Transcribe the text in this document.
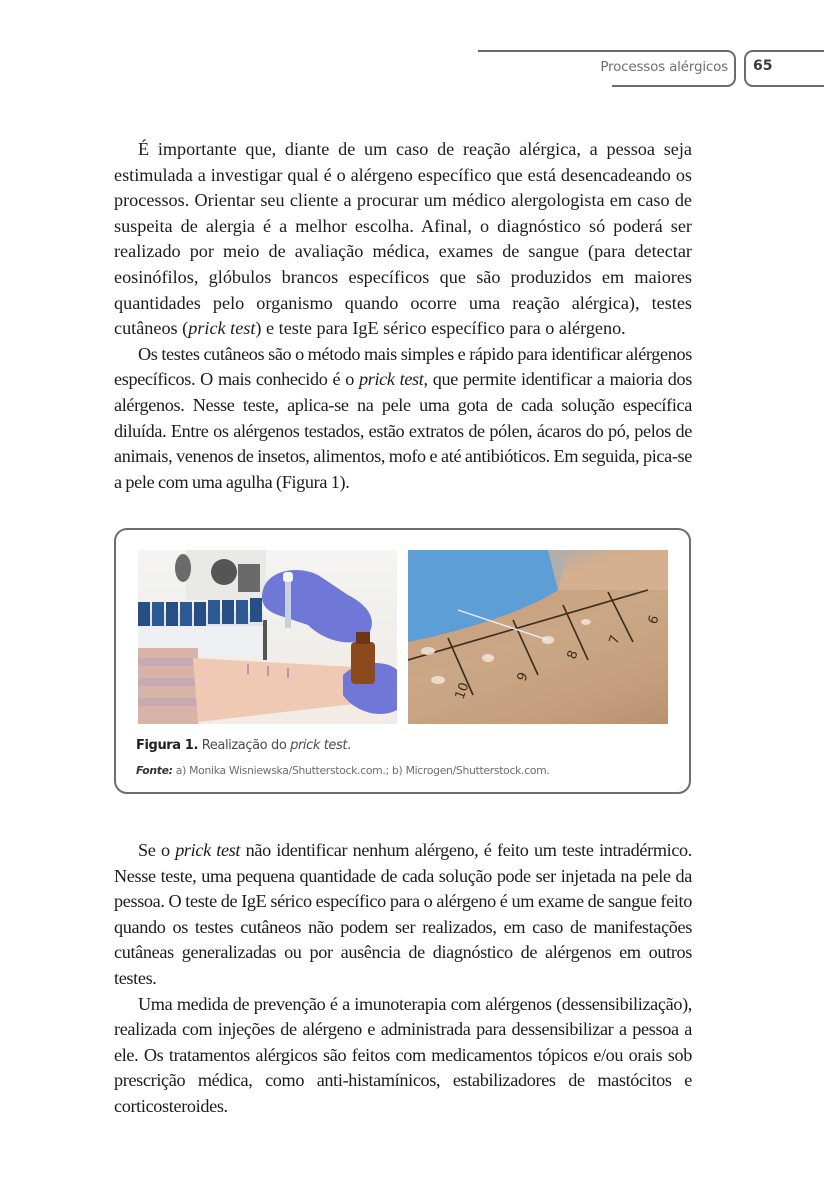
Processos alérgicos 65

É importante que, diante de um caso de reação alérgica, a pessoa seja estimulada a investigar qual é o alérgeno específico que está desencadeando os processos. Orientar seu cliente a procurar um médico alergologista em caso de suspeita de alergia é a melhor escolha. Afinal, o diagnóstico só poderá ser realizado por meio de avaliação médica, exames de sangue (para detectar eosinófilos, glóbulos brancos específicos que são produzidos em maiores quantidades pelo organismo quando ocorre uma reação alérgica), testes cutâneos (prick test) e teste para IgE sérico específico para o alérgeno.

Os testes cutâneos são o método mais simples e rápido para identificar alérgenos específicos. O mais conhecido é o prick test, que permite identificar a maioria dos alérgenos. Nesse teste, aplica-se na pele uma gota de cada solução específica diluída. Entre os alérgenos testados, estão extratos de pólen, ácaros do pó, pelos de animais, venenos de insetos, alimentos, mofo e até antibióticos. Em seguida, pica-se a pele com uma agulha (Figura 1).

10
9
8
7
6
Figura 1. Realização do prick test.
Fonte: a) Monika Wisniewska/Shutterstock.com.; b) Microgen/Shutterstock.com.

Se o prick test não identificar nenhum alérgeno, é feito um teste intradérmico. Nesse teste, uma pequena quantidade de cada solução pode ser injetada na pele da pessoa. O teste de IgE sérico específico para o alérgeno é um exame de sangue feito quando os testes cutâneos não podem ser realizados, em caso de manifestações cutâneas generalizadas ou por ausência de diagnóstico de alérgenos em outros testes.

Uma medida de prevenção é a imunoterapia com alérgenos (dessensibilização), realizada com injeções de alérgeno e administrada para dessensibilizar a pessoa a ele. Os tratamentos alérgicos são feitos com medicamentos tópicos e/ou orais sob prescrição médica, como anti-histamínicos, estabilizadores de mastócitos e corticosteroides.
